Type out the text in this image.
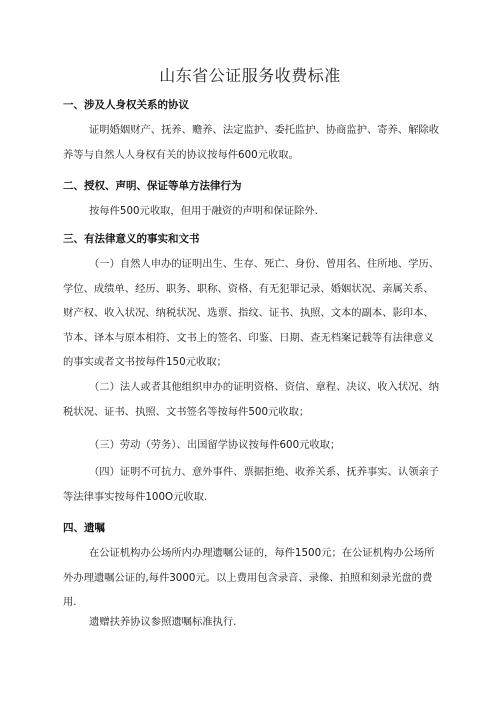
山东省公证服务收费标准
一、涉及人身权关系的协议

证明婚姻财产、抚养、赡养、法定监护、委托监护、协商监护、寄养、解除收养等与自然人人身权有关的协议按每件600元收取。

二、授权、声明、保证等单方法律行为

按每件500元收取，但用于融资的声明和保证除外.

三、有法律意义的事实和文书

（一）自然人申办的证明出生、生存、死亡、身份、曾用名、住所地、学历、学位、成绩单、经历、职务、职称、资格、有无犯罪记录、婚姻状况、亲属关系、财产权、收入状况、纳税状况、选票、指纹、证书、执照、文本的副本、影印本、节本、译本与原本相符、文书上的签名、印鉴、日期、查无档案记载等有法律意义的事实或者文书按每件150元收取；

（二）法人或者其他组织申办的证明资格、资信、章程、决议、收入状况、纳税状况、证书、执照、文书签名等按每件500元收取；

（三）劳动（劳务）、出国留学协议按每件600元收取；

（四）证明不可抗力、意外事件、票据拒绝、收养关系、抚养事实、认领亲子等法律事实按每件100O元收取.

四、遗嘱

在公证机构办公场所内办理遗嘱公证的，每件1500元；在公证机构办公场所外办理遗嘱公证的,每件3000元。以上费用包含录音、录像、拍照和刻录光盘的费用.

遗赠扶养协议参照遗嘱标准执行.
